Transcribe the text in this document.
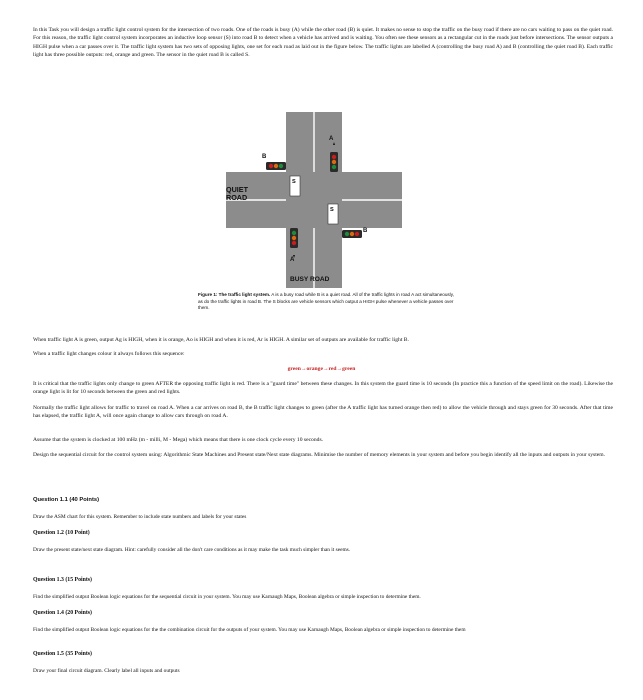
In this Task you will design a traffic light control system for the intersection of two roads. One of the roads is busy (A) while the other road (B) is quiet. It makes no sense to stop the traffic on the busy road if there are no cars waiting to pass on the quiet road. For this reason, the traffic light control system incorporates an inductive loop sensor (S) into road B to detect when a vehicle has arrived and is waiting. You often see these sensors as a rectangular cut in the roads just before intersections. The sensor outputs a HIGH pulse when a car passes over it. The traffic light system has two sets of opposing lights, one set for each road as laid out in the figure below. The traffic lights are labelled A (controlling the busy road A) and B (controlling the quiet road B). Each traffic light has three possible outputs: red, orange and green. The sensor in the quiet road B is called S.
A
A
B
B
S
S
QUIET
ROAD
BUSY ROAD
Figure 1: The traffic light system. A is a busy road while B is a quiet road. All of the traffic lights in road A act simultaneously, as do the traffic lights in road B. The S blocks are vehicle sensors which output a HIGH pulse whenever a vehicle passes over them.
When traffic light A is green, output Ag is HIGH, when it is orange, Ao is HIGH and when it is red, Ar is HIGH. A similar set of outputs are available for traffic light B.
When a traffic light changes colour it always follows this sequence:
green→orange→red→green
It is critical that the traffic lights only change to green AFTER the opposing traffic light is red. There is a "guard time" between these changes. In this system the guard time is 10 seconds (In practice this a function of the speed limit on the road). Likewise the orange light is lit for 10 seconds between the green and red lights.
Normally the traffic light allows for traffic to travel on road A. When a car arrives on road B, the B traffic light changes to green (after the A traffic light has turned orange then red) to allow the vehicle through and stays green for 30 seconds. After that time has elapsed, the traffic light A, will once again change to allow cars through on road A.
Assume that the system is clocked at 100 mHz (m - milli, M - Mega) which means that there is one clock cycle every 10 seconds.
Design the sequential circuit for the control system using: Algorithmic State Machines and Present state/Next state diagrams. Minimise the number of memory elements in your system and before you begin identify all the inputs and outputs in your system.
Question 1.1 (40 Points)
Draw the ASM chart for this system. Remember to include state numbers and labels for your states
Question 1.2 (10 Point)
Draw the present state/next state diagram. Hint: carefully consider all the don't care conditions as it may make the task much simpler than it seems.
Question 1.3 (15 Points)
Find the simplified output Boolean logic equations for the sequential circuit in your system. You may use Karnaugh Maps, Boolean algebra or simple inspection to determine them.
Question 1.4 (20 Points)
Find the simplified output Boolean logic equations for the the combination circuit for the outputs of your system. You may use Karnaugh Maps, Boolean algebra or simple inspection to determine them
Question 1.5 (35 Points)
Draw your final circuit diagram. Clearly label all inputs and outputs
